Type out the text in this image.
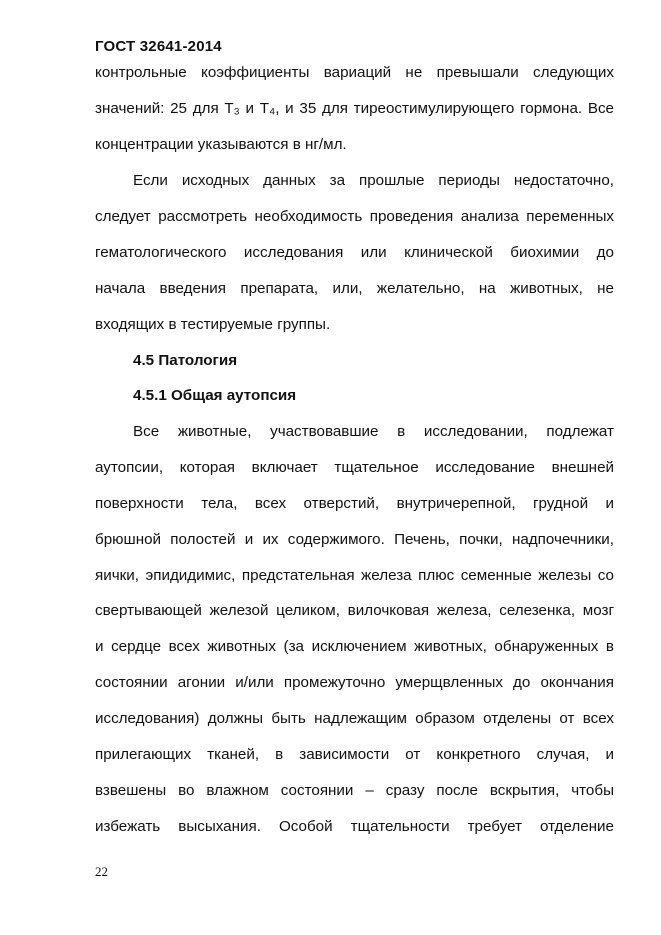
ГОСТ 32641-2014
контрольные коэффициенты вариаций не превышали следующих
значений: 25 для Т₃ и Т₄, и 35 для тиреостимулирующего гормона. Все
концентрации указываются в нг/мл.
Если исходных данных за прошлые периоды недостаточно,
следует рассмотреть необходимость проведения анализа переменных
гематологического исследования или клинической биохимии до
начала введения препарата, или, желательно, на животных, не
входящих в тестируемые группы.
4.5 Патология
4.5.1 Общая аутопсия
Все животные, участвовавшие в исследовании, подлежат
аутопсии, которая включает тщательное исследование внешней
поверхности тела, всех отверстий, внутричерепной, грудной и
брюшной полостей и их содержимого. Печень, почки, надпочечники,
яички, эпидидимис, предстательная железа плюс семенные железы со
свертывающей железой целиком, вилочковая железа, селезенка, мозг
и сердце всех животных (за исключением животных, обнаруженных в
состоянии агонии и/или промежуточно умерщвленных до окончания
исследования) должны быть надлежащим образом отделены от всех
прилегающих тканей, в зависимости от конкретного случая, и
взвешены во влажном состоянии – сразу после вскрытия, чтобы
избежать высыхания. Особой тщательности требует отделение
22
